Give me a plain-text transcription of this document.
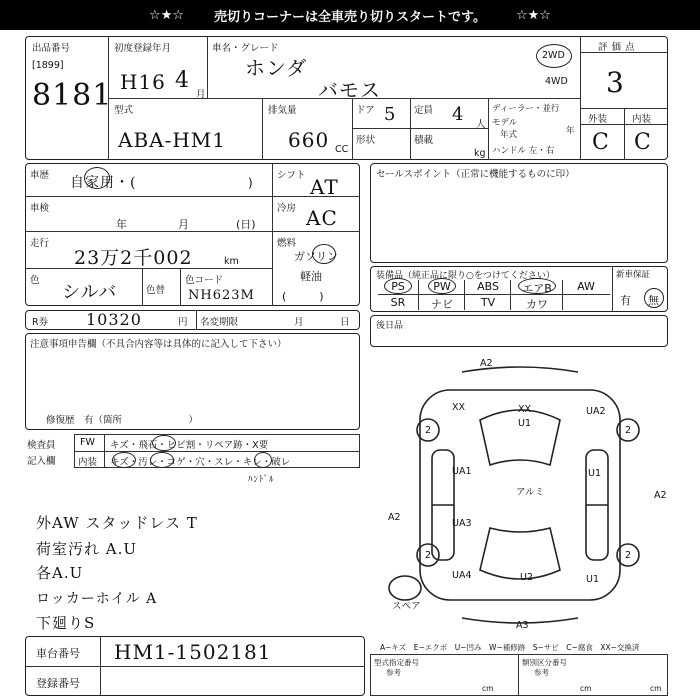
☆★☆ 売切りコーナーは全車売り切りスタートです。 ☆★☆
出品番号
[1899]
8181
初度登録年月
H16 4
月
車名・グレード
ホンダ
バモス
2WD
4WD
評価点
3
外装	内装
C C
型式
ABA-HM1
排気量
660 CC
ドア 5 定員 4 人
形状	積載
kg
ディーラー・並行
モデル
年式	年
ハンドル 左・右
車歴 自家用・(	)
車検
年	月	(日)
走行
23万2千002	km
色
シルバ	色替
色コード
NH623M
シフト AT
冷房 AC
燃料
ガソリン
軽油
(　　　)
R券 10320	円 名変期限	月	日
注意事項申告欄（不具合内容等は具体的に記入して下さい）
修復歴　有（箇所　　　　　　　）
検査員
記入欄
FW キズ・飛石・ヒビ割・リペア跡・X要
内装 キズ・汚レ・コゲ・穴・スレ・キレ・破レ
ﾊﾝﾄﾞﾙ
外AW スタッドレス T
荷室汚れ A.U
各A.U
ロッカーホイル A
下廻りS
車台番号 HM1-1502181
登録番号
セールスポイント（正常に機能するものに印）
装備品（純正品に限り○をつけてください）
PS	PW	ABS	エアB	AW
SR	ナビ	TV	カワ
新車保証
有 無
後日品
A2
XX	XX
U1
UA2
2	2
UA1	U1
アルミ	A2
A2
UA3
2	2
UA4	U2	U1
A3
スペア
A−キズ　E−エクボ　U−凹み　W−補修跡　S−サビ　C−腐食　XX−交換済
型式指定番号
参考
類別区分番号
参考
cm	cm	cm
